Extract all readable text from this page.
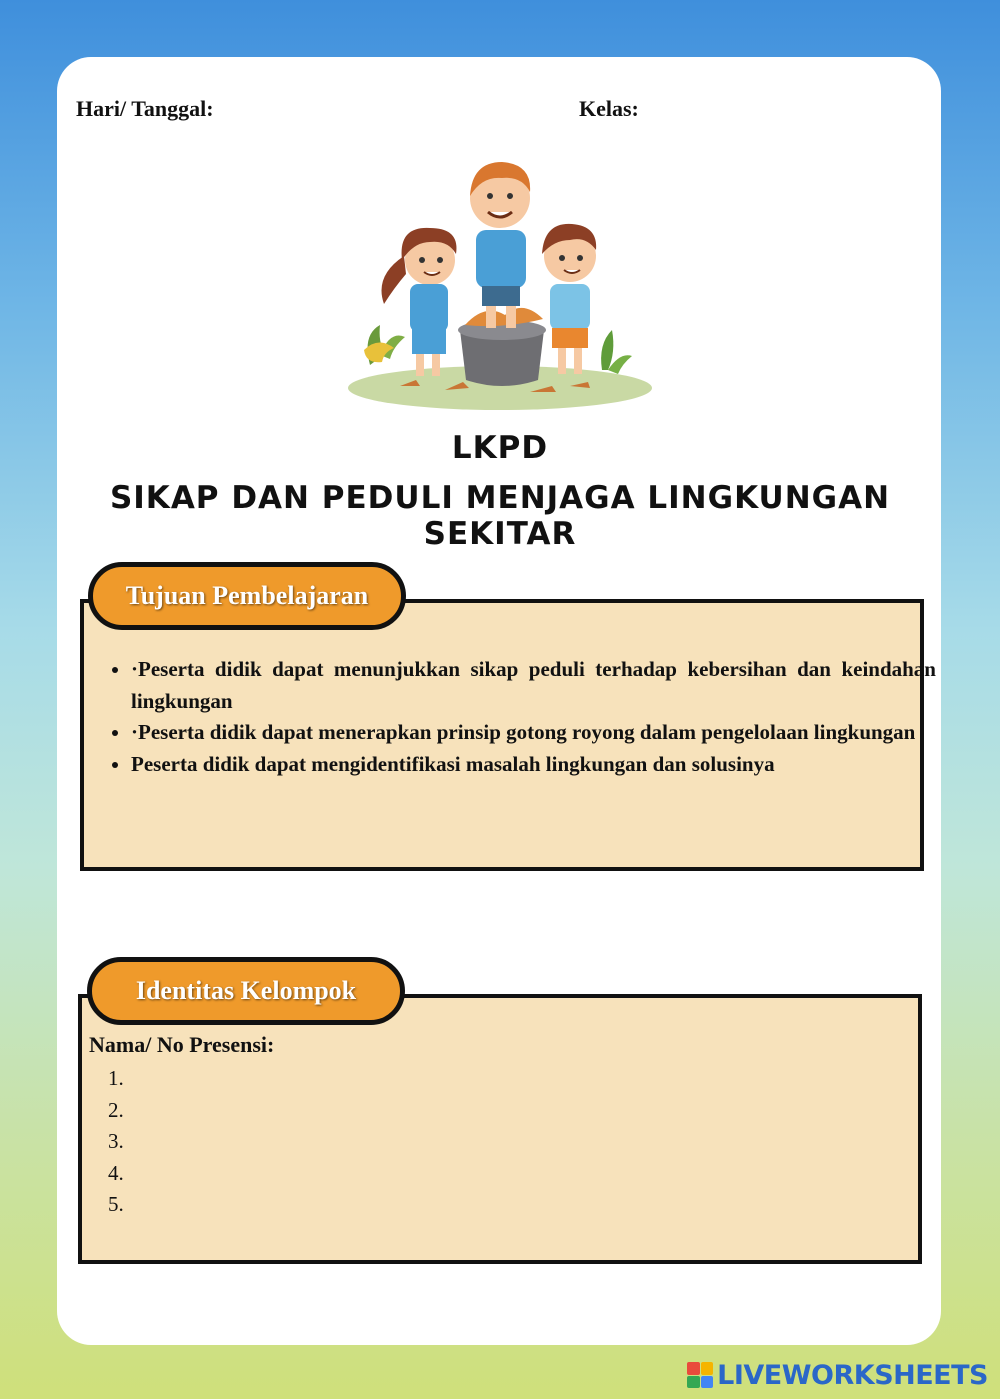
Hari/ Tanggal:	Kelas:
LKPD
SIKAP DAN PEDULI MENJAGA LINGKUNGAN SEKITAR
Tujuan Pembelajaran
• ·Peserta didik dapat menunjukkan sikap peduli terhadap kebersihan dan keindahan lingkungan
• ·Peserta didik dapat menerapkan prinsip gotong royong dalam pengelolaan lingkungan
• Peserta didik dapat mengidentifikasi masalah lingkungan dan solusinya
Identitas Kelompok
Nama/ No Presensi:
1.
2.
3.
4.
5.
LIVEWORKSHEETS
